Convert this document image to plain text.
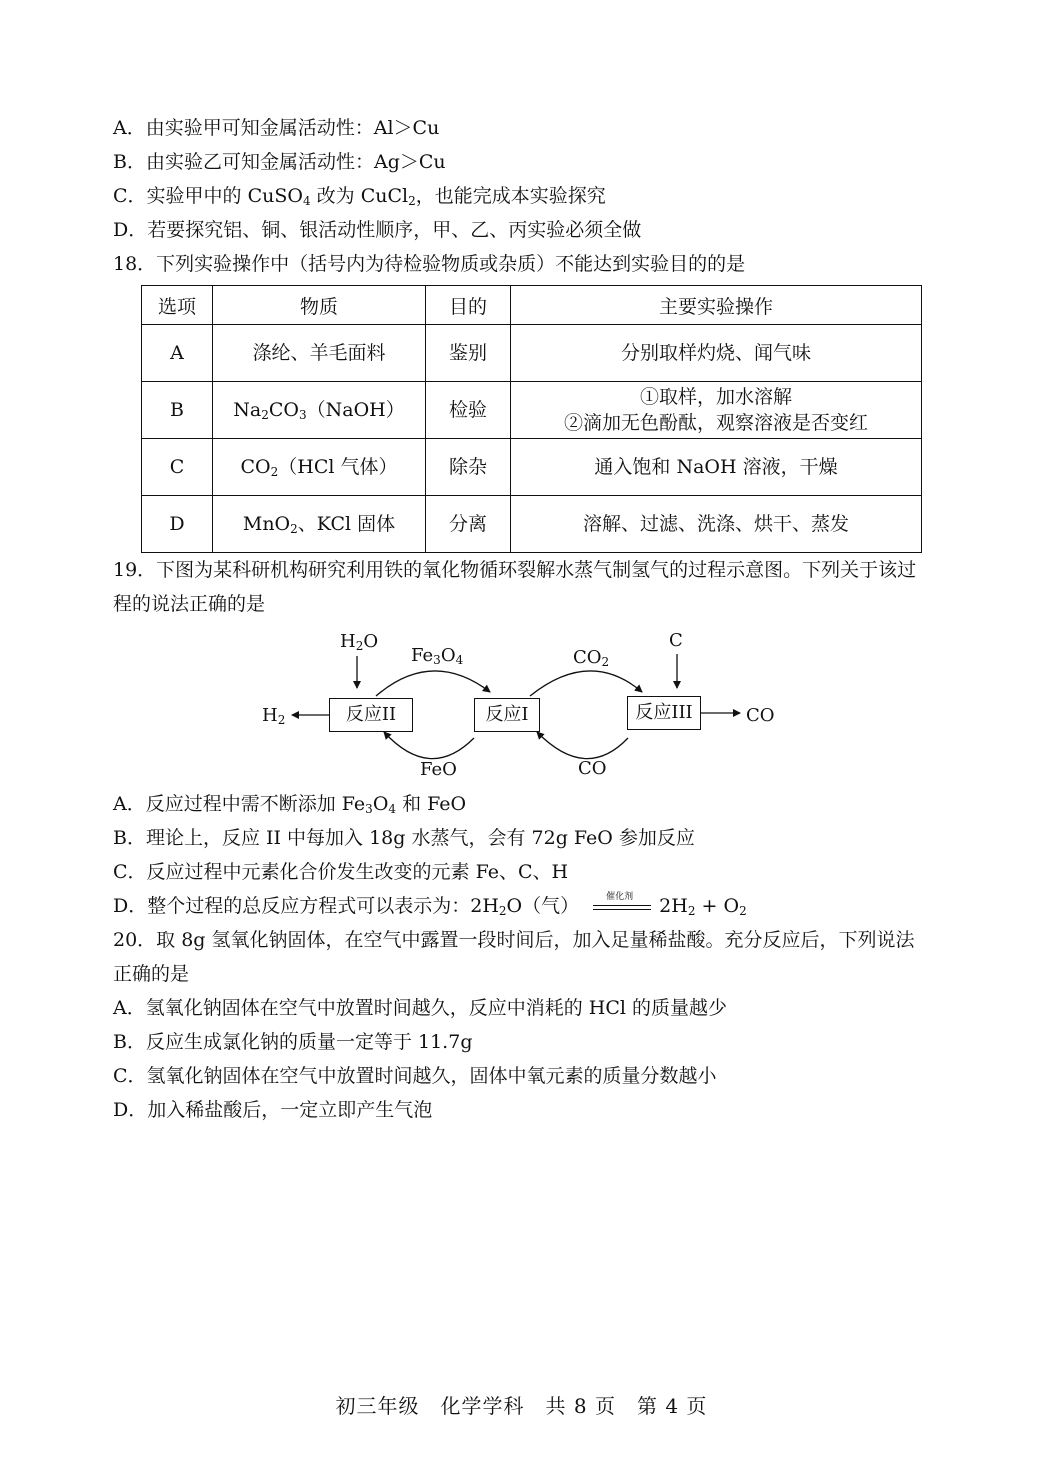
A．由实验甲可知金属活动性：Al＞Cu
B．由实验乙可知金属活动性：Ag＞Cu
C．实验甲中的 CuSO$_4$ 改为 CuCl$_2$，也能完成本实验探究
D．若要探究铝、铜、银活动性顺序，甲、乙、丙实验必须全做
18．下列实验操作中（括号内为待检验物质或杂质）不能达到实验目的的是
选项	物质	目的	主要实验操作
A	涤纶、羊毛面料	鉴别	分别取样灼烧、闻气味
B	$Na_2CO_3(NaOH)$	检验	①取样，加水溶解
②滴加无色酚酞，观察溶液是否变红

C	$CO_2(HCl$ 气体）	除杂	通入饱和 NaOH 溶液，干燥
D	MnO$_2$、KCl 固体	分离	溶解、过滤、洗涤、烘干、蒸发
19．下图为某科研机构研究利用铁的氧化物循环裂解水蒸气制氢气的过程示意图。下列关于该过程的说法正确的是
反应II	反应I	反应III
$H_2O$
$Fe_3O_4$	$CO_2$
C
$H_2$	CO
FeO	CO
A．反应过程中需不断添加 $Fe_3O_4$ 和 FeO
B．理论上，反应 II 中每加入 18g 水蒸气，会有 72g FeO 参加反应
C．反应过程中元素化合价发生改变的元素 Fe、C、H
D．整个过程的总反应方程式可以表示为：$2H_2O$（气）	催化剂 $2H_2 + O_2$
20．取 8g 氢氧化钠固体，在空气中露置一段时间后，加入足量稀盐酸。充分反应后，下列说法正确的是
A．氢氧化钠固体在空气中放置时间越久，反应中消耗的 HCl 的质量越少
B．反应生成氯化钠的质量一定等于 11.7g
C．氢氧化钠固体在空气中放置时间越久，固体中氧元素的质量分数越小
D．加入稀盐酸后，一定立即产生气泡
初三年级　化学学科　共 8 页　第 4 页
